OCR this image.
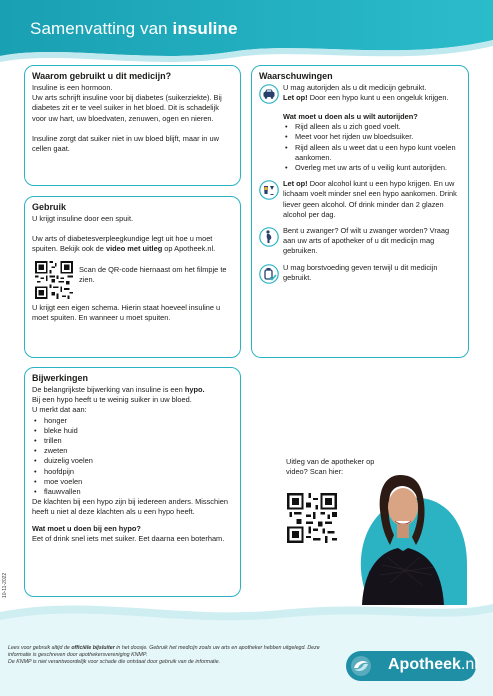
Samenvatting van insuline
Waarom gebruikt u dit medicijn?

Insuline is een hormoon.

Uw arts schrijft insuline voor bij diabetes (suikerziekte). Bij diabetes zit er te veel suiker in het bloed. Dit is schadelijk voor uw hart, uw bloedvaten, zenuwen, ogen en nieren.

Insuline zorgt dat suiker niet in uw bloed blijft, maar in uw cellen gaat.

Gebruik

U krijgt insuline door een spuit.

Uw arts of diabetesverpleegkundige legt uit hoe u moet spuiten. Bekijk ook de video met uitleg op Apotheek.nl.

Scan de QR-code hiernaast om het filmpje te zien.

U krijgt een eigen schema. Hierin staat hoeveel insuline u moet spuiten. En wanneer u moet spuiten.

Bijwerkingen

De belangrijkste bijwerking van insuline is een hypo.

Bij een hypo heeft u te weinig suiker in uw bloed.

U merkt dat aan:

• honger
• bleke huid
• trillen
• zweten
• duizelig voelen
• hoofdpijn
• moe voelen
• flauwvallen

De klachten bij een hypo zijn bij iedereen anders. Misschien heeft u niet al deze klachten als u een hypo heeft.

Wat moet u doen bij een hypo?

Eet of drink snel iets met suiker. Eet daarna een boterham.

Waarschuwingen

U mag autorijden als u dit medicijn gebruikt.

Let op! Door een hypo kunt u een ongeluk krijgen.

Wat moet u doen als u wilt autorijden?

• Rijd alleen als u zich goed voelt.
• Meet voor het rijden uw bloedsuiker.
• Rijd alleen als u weet dat u een hypo kunt voelen aankomen.
• Overleg met uw arts of u veilig kunt autorijden.

Let op! Door alcohol kunt u een hypo krijgen. En uw lichaam voelt minder snel een hypo aankomen. Drink liever geen alcohol. Of drink minder dan 2 glazen alcohol per dag.

Bent u zwanger? Of wilt u zwanger worden? Vraag aan uw arts of apotheker of u dit medicijn mag gebruiken.

U mag borstvoeding geven terwijl u dit medicijn gebruikt.

Uitleg van de apotheker op video? Scan hier:
10-11-2022
Lees voor gebruik altijd de officiële bijsluiter in het doosje. Gebruik het medicijn zoals uw arts en apotheker hebben uitgelegd. Deze informatie is geschreven door apothekersvereniging KNMP.
De KNMP is niet verantwoordelijk voor schade die ontstaat door gebruik van de informatie.	Apotheek.nl
